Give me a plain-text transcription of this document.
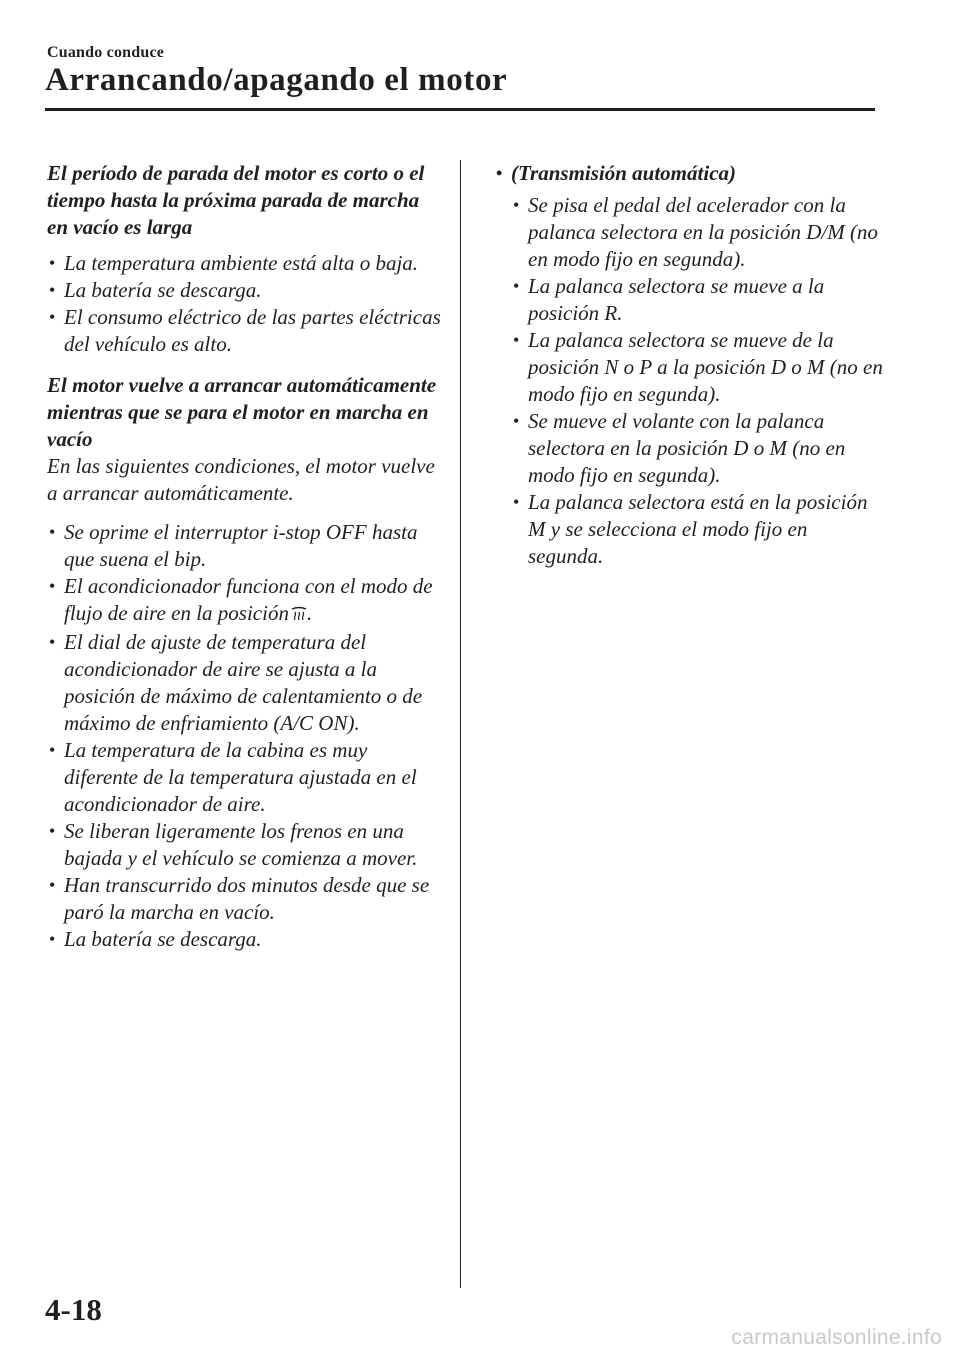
Cuando conduce
Arrancando/apagando el motor
El período de parada del motor es corto o el tiempo hasta la próxima parada de marcha en vacío es larga
• La temperatura ambiente está alta o baja.
• La batería se descarga.
• El consumo eléctrico de las partes eléctricas del vehículo es alto.
El motor vuelve a arrancar automáticamente mientras que se para el motor en marcha en vacío
En las siguientes condiciones, el motor vuelve a arrancar automáticamente.
• Se oprime el interruptor i-stop OFF hasta que suena el bip.
• El acondicionador funciona con el modo de flujo de aire en la posición .
• El dial de ajuste de temperatura del acondicionador de aire se ajusta a la posición de máximo de calentamiento o de máximo de enfriamiento (A/C ON).
• La temperatura de la cabina es muy diferente de la temperatura ajustada en el acondicionador de aire.
• Se liberan ligeramente los frenos en una bajada y el vehículo se comienza a mover.
• Han transcurrido dos minutos desde que se paró la marcha en vacío.
• La batería se descarga.
• (Transmisión automática)
• Se pisa el pedal del acelerador con la palanca selectora en la posición D/M (no en modo fijo en segunda).
• La palanca selectora se mueve a la posición R.
• La palanca selectora se mueve de la posición N o P a la posición D o M (no en modo fijo en segunda).
• Se mueve el volante con la palanca selectora en la posición D o M (no en modo fijo en segunda).
• La palanca selectora está en la posición M y se selecciona el modo fijo en segunda.
4-18
carmanualsonline.info
